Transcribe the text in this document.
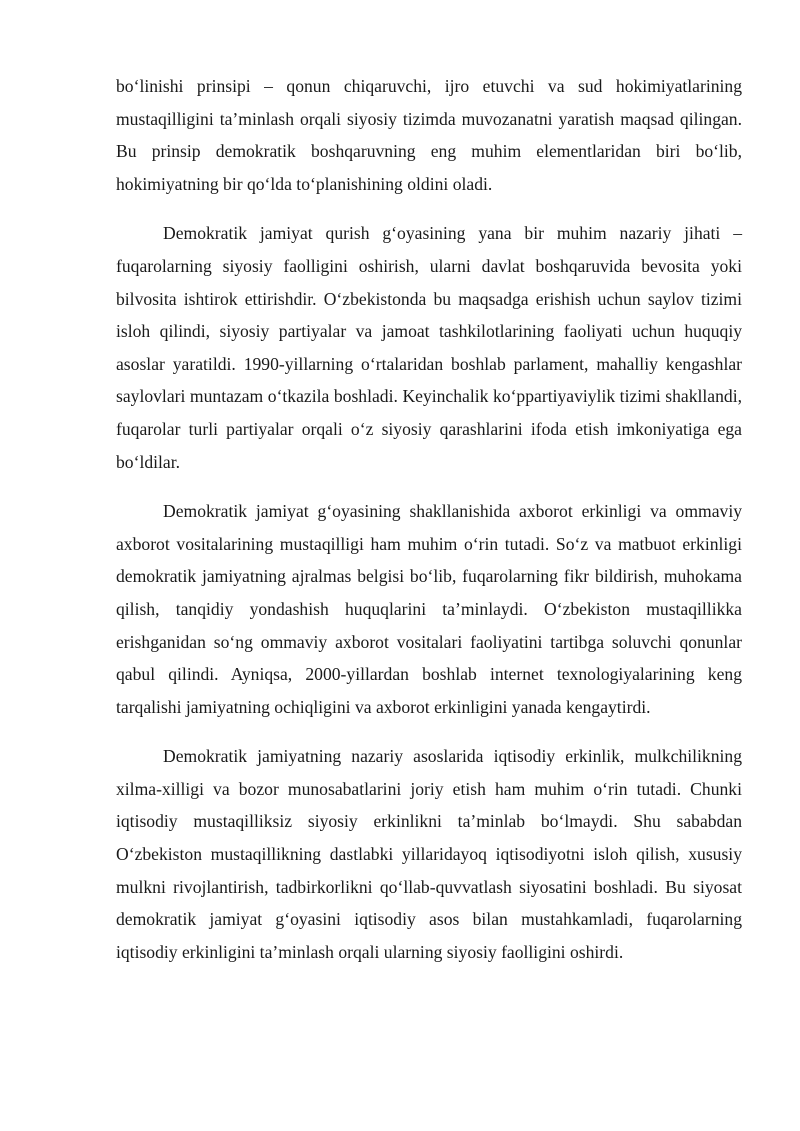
bo‘linishi prinsipi – qonun chiqaruvchi, ijro etuvchi va sud hokimiyatlarining mustaqilligini ta’minlash orqali siyosiy tizimda muvozanatni yaratish maqsad qilingan. Bu prinsip demokratik boshqaruvning eng muhim elementlaridan biri bo‘lib, hokimiyatning bir qo‘lda to‘planishining oldini oladi.

Demokratik jamiyat qurish g‘oyasining yana bir muhim nazariy jihati – fuqarolarning siyosiy faolligini oshirish, ularni davlat boshqaruvida bevosita yoki bilvosita ishtirok ettirishdir. O‘zbekistonda bu maqsadga erishish uchun saylov tizimi isloh qilindi, siyosiy partiyalar va jamoat tashkilotlarining faoliyati uchun huquqiy asoslar yaratildi. 1990-yillarning o‘rtalaridan boshlab parlament, mahalliy kengashlar saylovlari muntazam o‘tkazila boshladi. Keyinchalik ko‘ppartiyaviylik tizimi shakllandi, fuqarolar turli partiyalar orqali o‘z siyosiy qarashlarini ifoda etish imkoniyatiga ega bo‘ldilar.

Demokratik jamiyat g‘oyasining shakllanishida axborot erkinligi va ommaviy axborot vositalarining mustaqilligi ham muhim o‘rin tutadi. So‘z va matbuot erkinligi demokratik jamiyatning ajralmas belgisi bo‘lib, fuqarolarning fikr bildirish, muhokama qilish, tanqidiy yondashish huquqlarini ta’minlaydi. O‘zbekiston mustaqillikka erishganidan so‘ng ommaviy axborot vositalari faoliyatini tartibga soluvchi qonunlar qabul qilindi. Ayniqsa, 2000-yillardan boshlab internet texnologiyalarining keng tarqalishi jamiyatning ochiqligini va axborot erkinligini yanada kengaytirdi.

Demokratik jamiyatning nazariy asoslarida iqtisodiy erkinlik, mulkchilikning xilma-xilligi va bozor munosabatlarini joriy etish ham muhim o‘rin tutadi. Chunki iqtisodiy mustaqilliksiz siyosiy erkinlikni ta’minlab bo‘lmaydi. Shu sababdan O‘zbekiston mustaqillikning dastlabki yillaridayoq iqtisodiyotni isloh qilish, xususiy mulkni rivojlantirish, tadbirkorlikni qo‘llab-quvvatlash siyosatini boshladi. Bu siyosat demokratik jamiyat g‘oyasini iqtisodiy asos bilan mustahkamladi, fuqarolarning iqtisodiy erkinligini ta’minlash orqali ularning siyosiy faolligini oshirdi.
